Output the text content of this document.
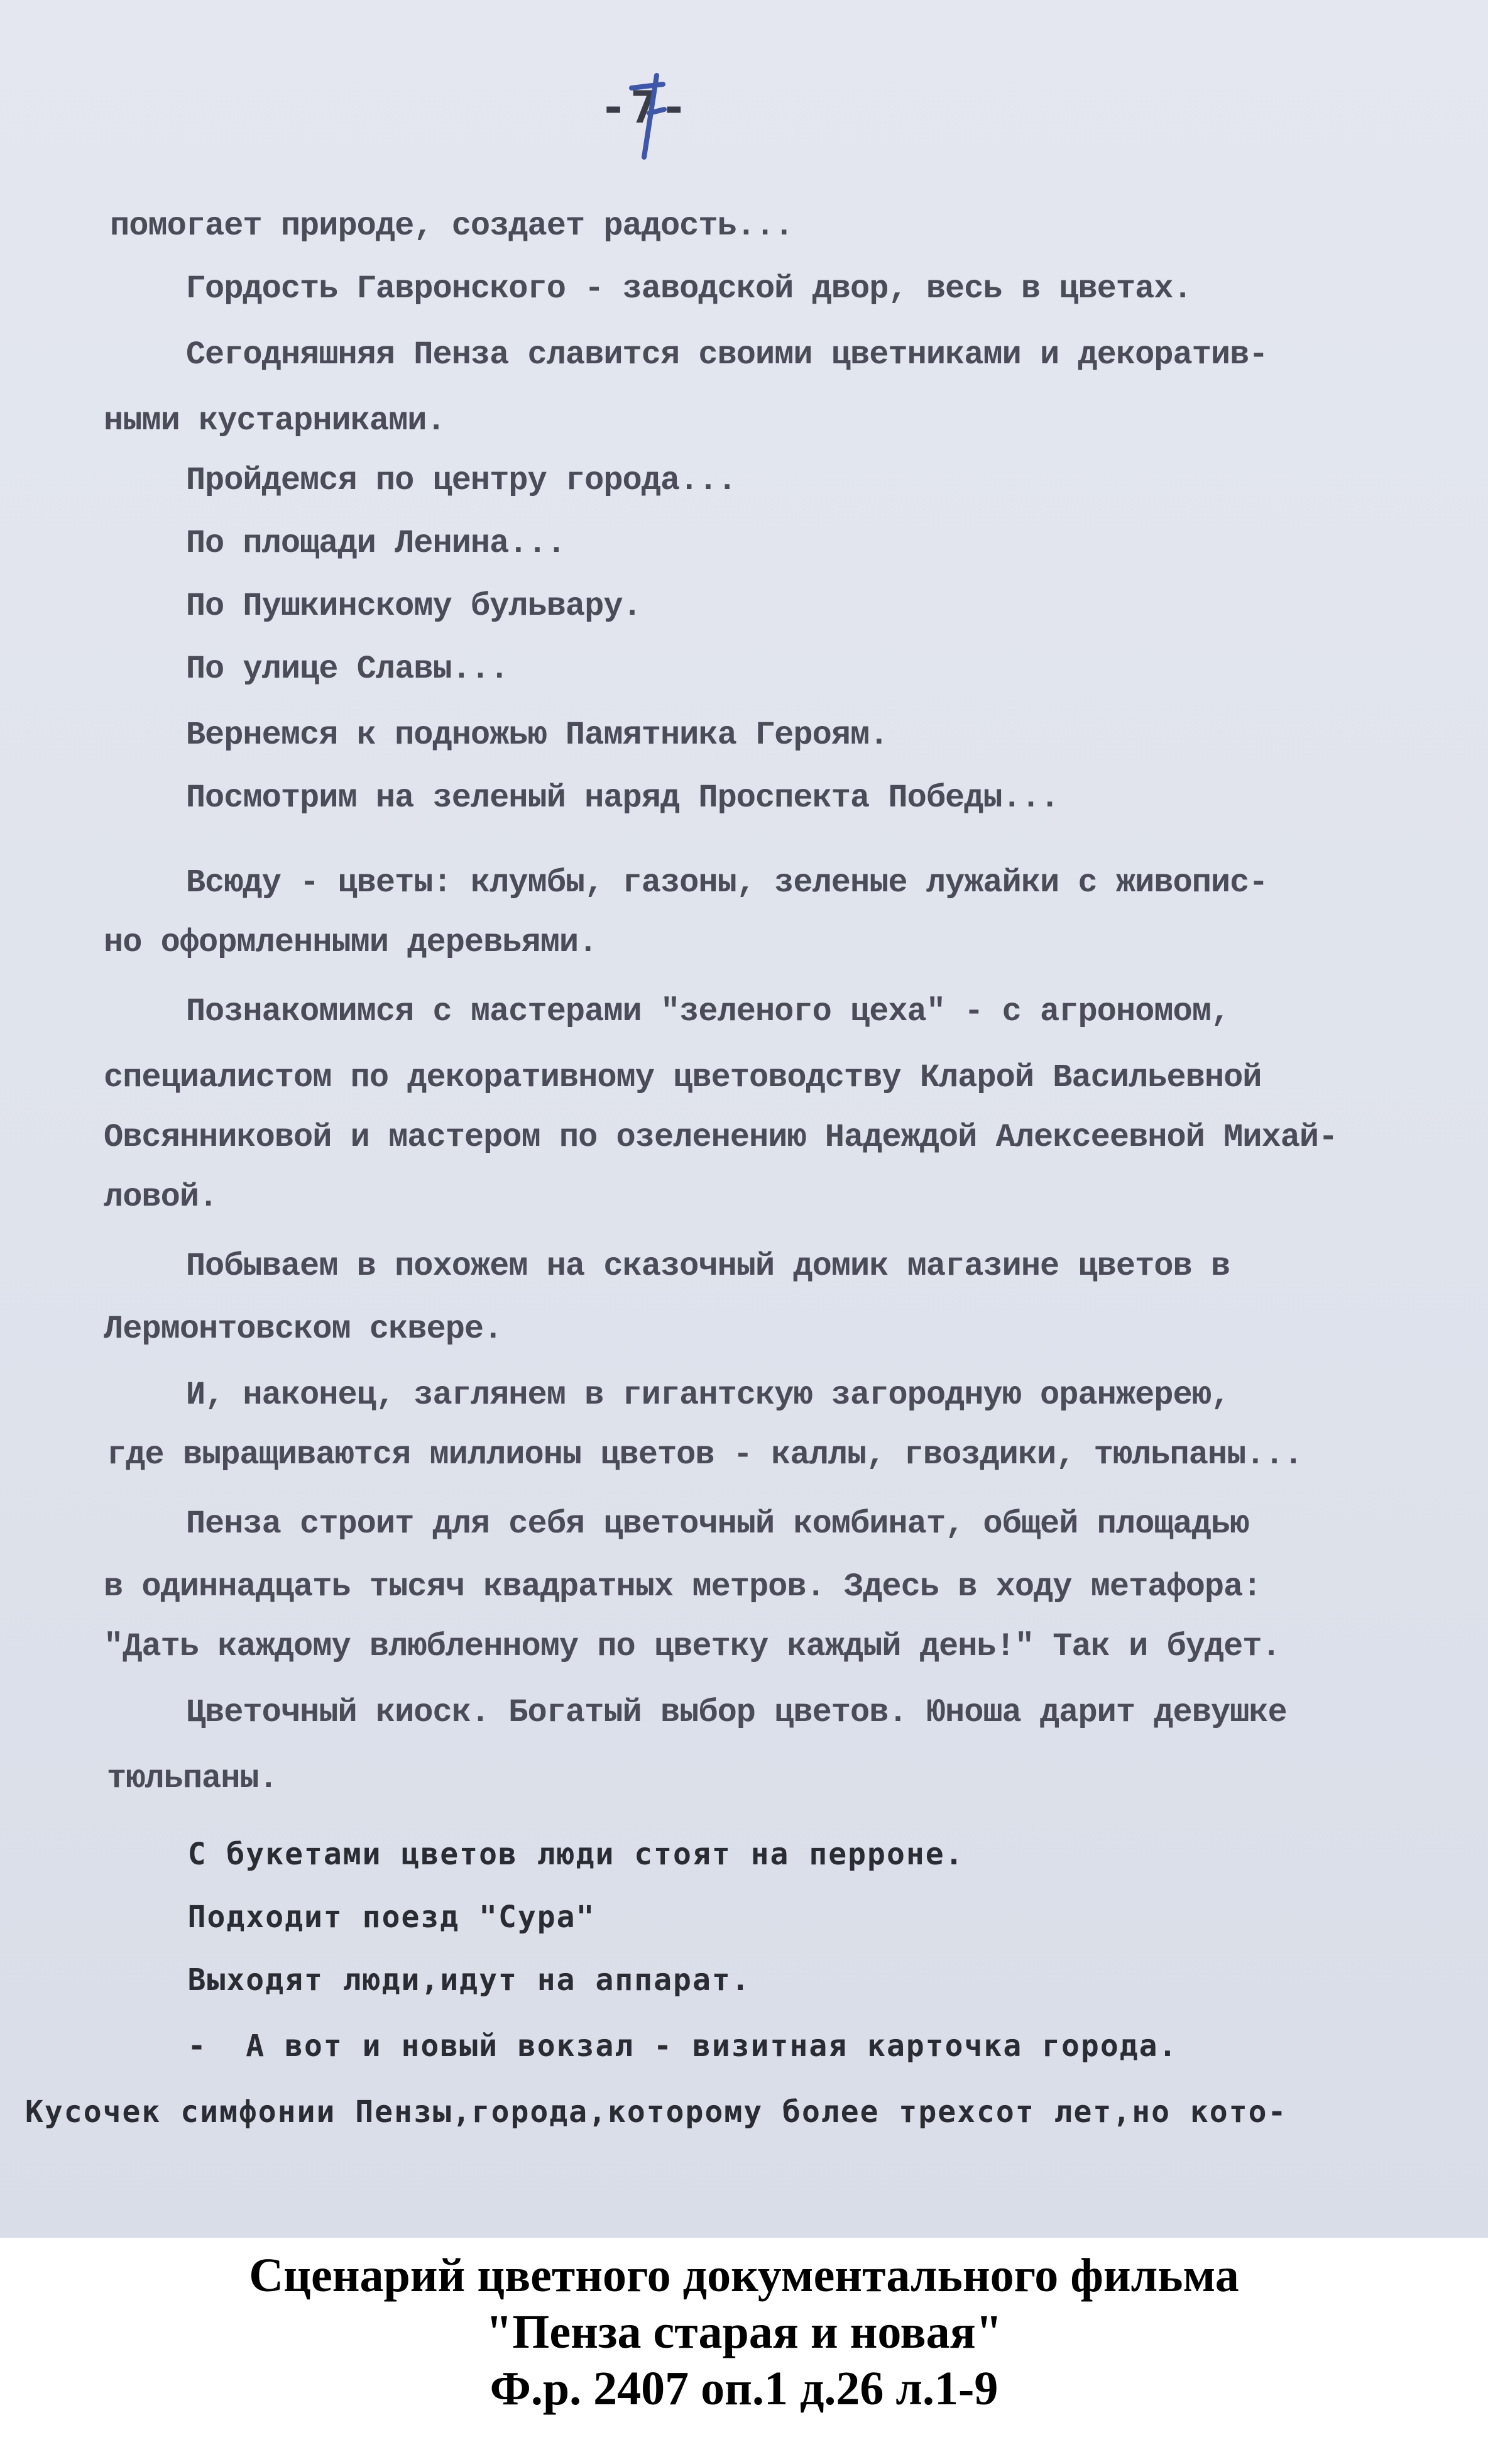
-7-
помогает природе, создает радость...
Гордость Гавронского - заводской двор, весь в цветах.
Сегодняшняя Пенза славится своими цветниками и декоратив-
ными кустарниками.
Пройдемся по центру города...
По площади Ленина...
По Пушкинскому бульвару.
По улице Славы...
Вернемся к подножью Памятника Героям.
Посмотрим на зеленый наряд Проспекта Победы...
Всюду - цветы: клумбы, газоны, зеленые лужайки с живопис-
но оформленными деревьями.
Познакомимся с мастерами "зеленого цеха" - с агрономом,
специалистом по декоративному цветоводству Кларой Васильевной
Овсянниковой и мастером по озеленению Надеждой Алексеевной Михай-
ловой.
Побываем в похожем на сказочный домик магазине цветов в
Лермонтовском сквере.
И, наконец, заглянем в гигантскую загородную оранжерею,
где выращиваются миллионы цветов - каллы, гвоздики, тюльпаны...
Пенза строит для себя цветочный комбинат, общей площадью
в одиннадцать тысяч квадратных метров. Здесь в ходу метафора:
"Дать каждому влюбленному по цветку каждый день!" Так и будет.
Цветочный киоск. Богатый выбор цветов. Юноша дарит девушке
тюльпаны.
С букетами цветов люди стоят на перроне.
Подходит поезд "Сура"
Выходят люди,идут на аппарат.
-  А вот и новый вокзал - визитная карточка города.
Кусочек симфонии Пензы,города,которому более трехсот лет,но кото-
Сценарий цветного документального фильма
"Пенза старая и новая"
Ф.р. 2407 оп.1 д.26 л.1-9
